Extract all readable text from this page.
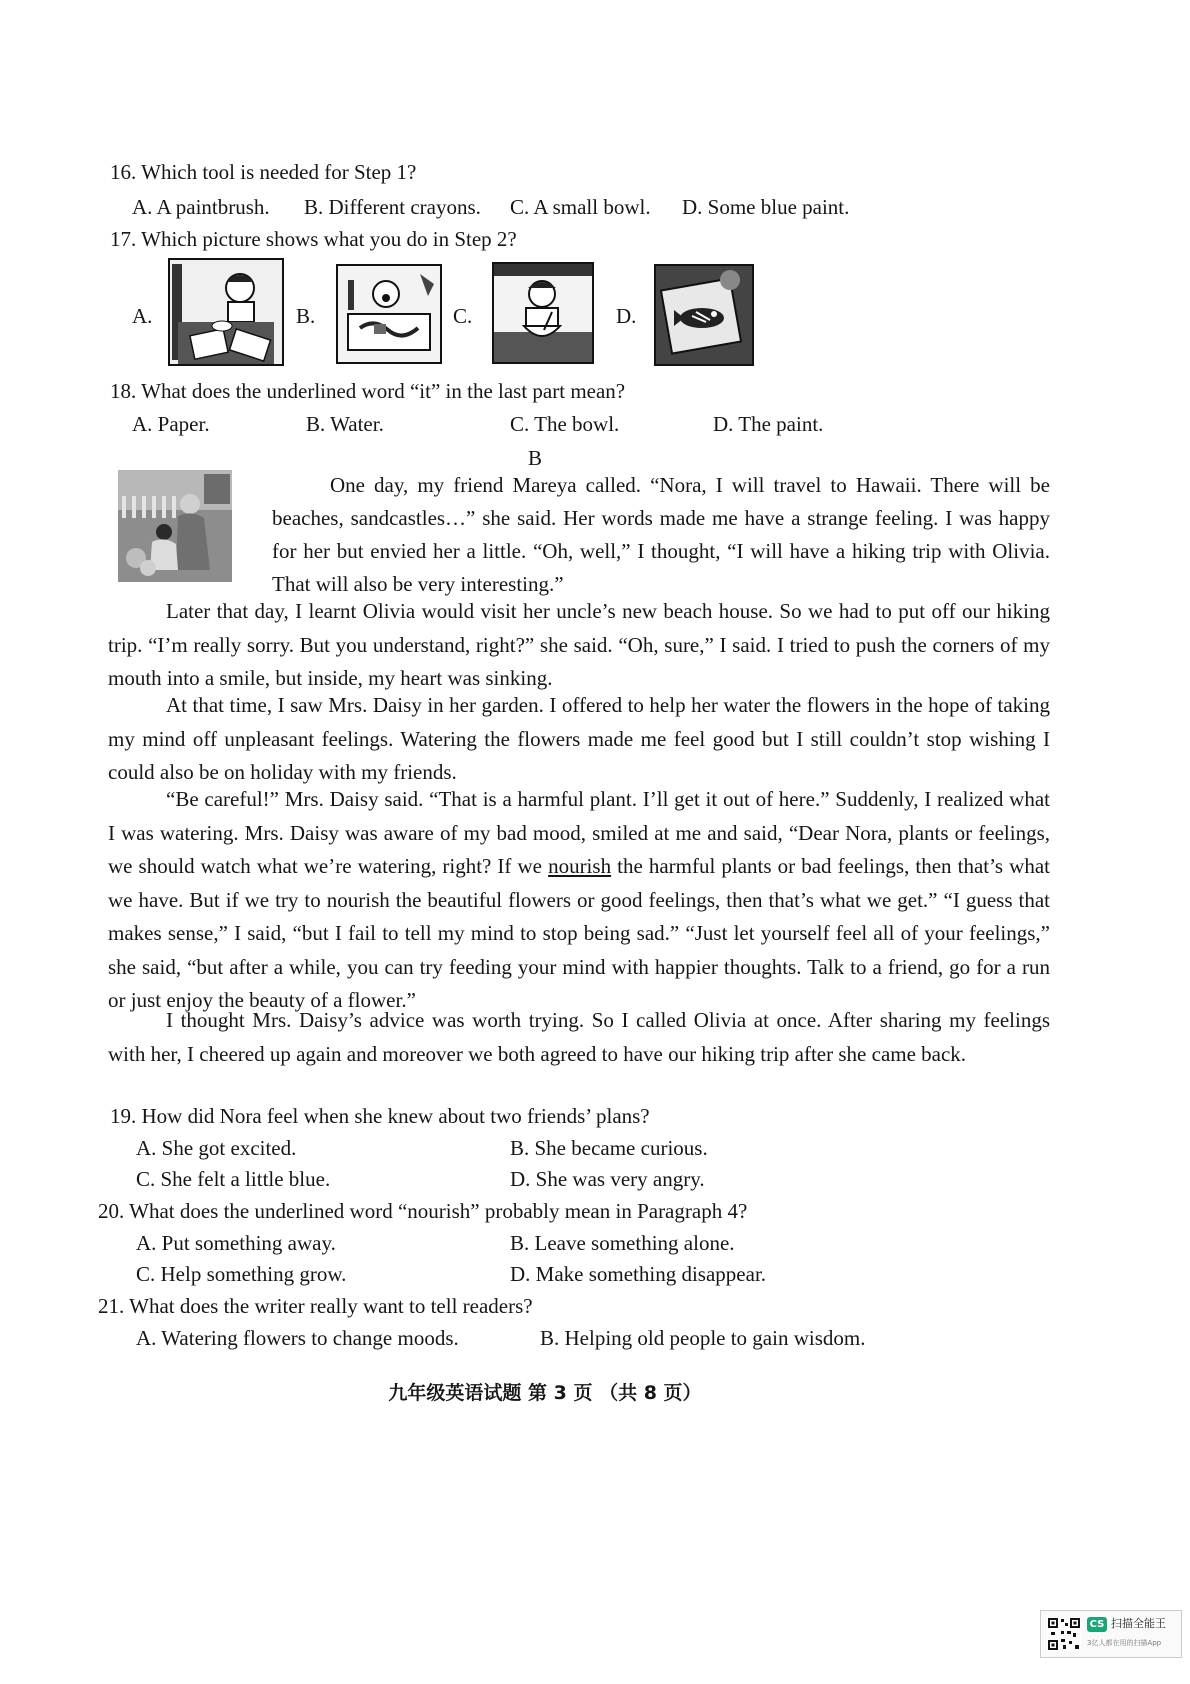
16. Which tool is needed for Step 1?
A. A paintbrush. B. Different crayons. C. A small bowl. D. Some blue paint.
17. Which picture shows what you do in Step 2?
A.	B.	C.	D.
18. What does the underlined word “it” in the last part mean?
A. Paper.	B. Water.	C. The bowl.	D. The paint.
B

One day, my friend Mareya called. “Nora, I will travel to Hawaii. There will be beaches, sandcastles…” she said. Her words made me have a strange feeling. I was happy for her but envied her a little. “Oh, well,” I thought, “I will have a hiking trip with Olivia. That will also be very interesting.”

Later that day, I learnt Olivia would visit her uncle’s new beach house. So we had to put off our hiking trip. “I’m really sorry. But you understand, right?” she said. “Oh, sure,” I said. I tried to push the corners of my mouth into a smile, but inside, my heart was sinking.

At that time, I saw Mrs. Daisy in her garden. I offered to help her water the flowers in the hope of taking my mind off unpleasant feelings. Watering the flowers made me feel good but I still couldn’t stop wishing I could also be on holiday with my friends.

“Be careful!” Mrs. Daisy said. “That is a harmful plant. I’ll get it out of here.” Suddenly, I realized what I was watering. Mrs. Daisy was aware of my bad mood, smiled at me and said, “Dear Nora, plants or feelings, we should watch what we’re watering, right? If we nourish the harmful plants or bad feelings, then that’s what we have. But if we try to nourish the beautiful flowers or good feelings, then that’s what we get.” “I guess that makes sense,” I said, “but I fail to tell my mind to stop being sad.” “Just let yourself feel all of your feelings,” she said, “but after a while, you can try feeding your mind with happier thoughts. Talk to a friend, go for a run or just enjoy the beauty of a flower.”

I thought Mrs. Daisy’s advice was worth trying. So I called Olivia at once. After sharing my feelings with her, I cheered up again and moreover we both agreed to have our hiking trip after she came back.

19. How did Nora feel when she knew about two friends’ plans?
A. She got excited.	B. She became curious.
C. She felt a little blue.	D. She was very angry.
20. What does the underlined word “nourish” probably mean in Paragraph 4?
A. Put something away.	B. Leave something alone.
C. Help something grow.	D. Make something disappear.
21. What does the writer really want to tell readers?
A. Watering flowers to change moods.	B. Helping old people to gain wisdom.
九年级英语试题 第 3 页 （共 8 页）
CS 扫描全能王
3亿人都在用的扫描App
